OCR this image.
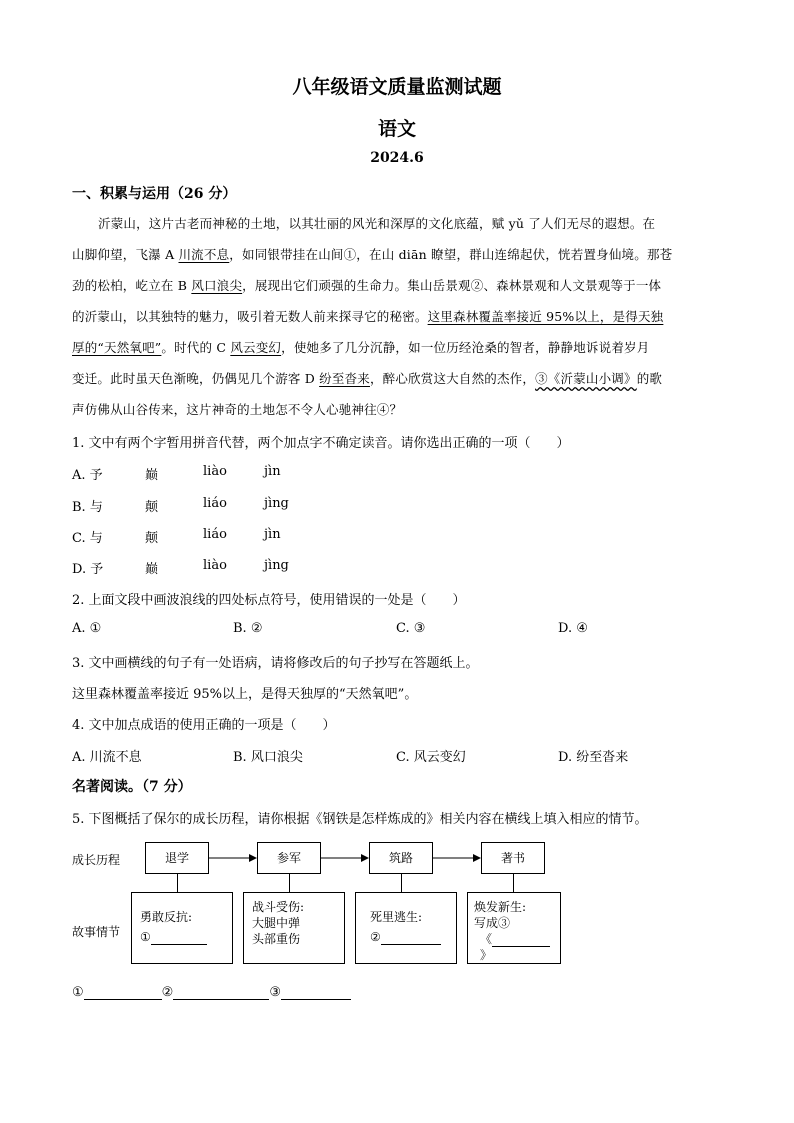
八年级语文质量监测试题
语文
2024.6
一、积累与运用（26 分）
沂蒙山，这片古老而神秘的土地，以其壮丽的风光和深厚的文化底蕴，赋 yǔ 了人们无尽的遐想。在
山脚仰望，飞瀑 A 川流不息，如同银带挂在山间①，在山 diān 瞭望，群山连绵起伏，恍若置身仙境。那苍
劲的松柏，屹立在 B 风口浪尖，展现出它们顽强的生命力。集山岳景观②、森林景观和人文景观等于一体
的沂蒙山，以其独特的魅力，吸引着无数人前来探寻它的秘密。这里森林覆盖率接近 95%以上，是得天独
厚的“天然氧吧”。时代的 C 风云变幻，使她多了几分沉静，如一位历经沧桑的智者，静静地诉说着岁月
变迁。此时虽天色渐晚，仍偶见几个游客 D 纷至沓来，醉心欣赏这大自然的杰作，③《沂蒙山小调》的歌
声仿佛从山谷传来，这片神奇的土地怎不令人心驰神往④？
1. 文中有两个字暂用拼音代替，两个加点字不确定读音。请你选出正确的一项（　　）
A. 予	巅	liào	jìn
B. 与	颠	liáo	jìng
C. 与	颠	liáo	jìn
D. 予	巅	liào	jìng
2. 上面文段中画波浪线的四处标点符号，使用错误的一处是（　　）
A. ①	B. ②	C. ③	D. ④
3. 文中画横线的句子有一处语病，请将修改后的句子抄写在答题纸上。
这里森林覆盖率接近 95%以上，是得天独厚的“天然氧吧”。
4. 文中加点成语的使用正确的一项是（　　）
A. 川流不息	B. 风口浪尖	C. 风云变幻	D. 纷至沓来
名著阅读。（7 分）
5. 下图概括了保尔的成长历程，请你根据《钢铁是怎样炼成的》相关内容在横线上填入相应的情节。
成长历程
故事情节
退学	参军	筑路	著书
勇敢反抗:
①
战斗受伤:
大腿中弹
头部重伤
死里逃生:
②
焕发新生:
写成③
《》
①	②	③
